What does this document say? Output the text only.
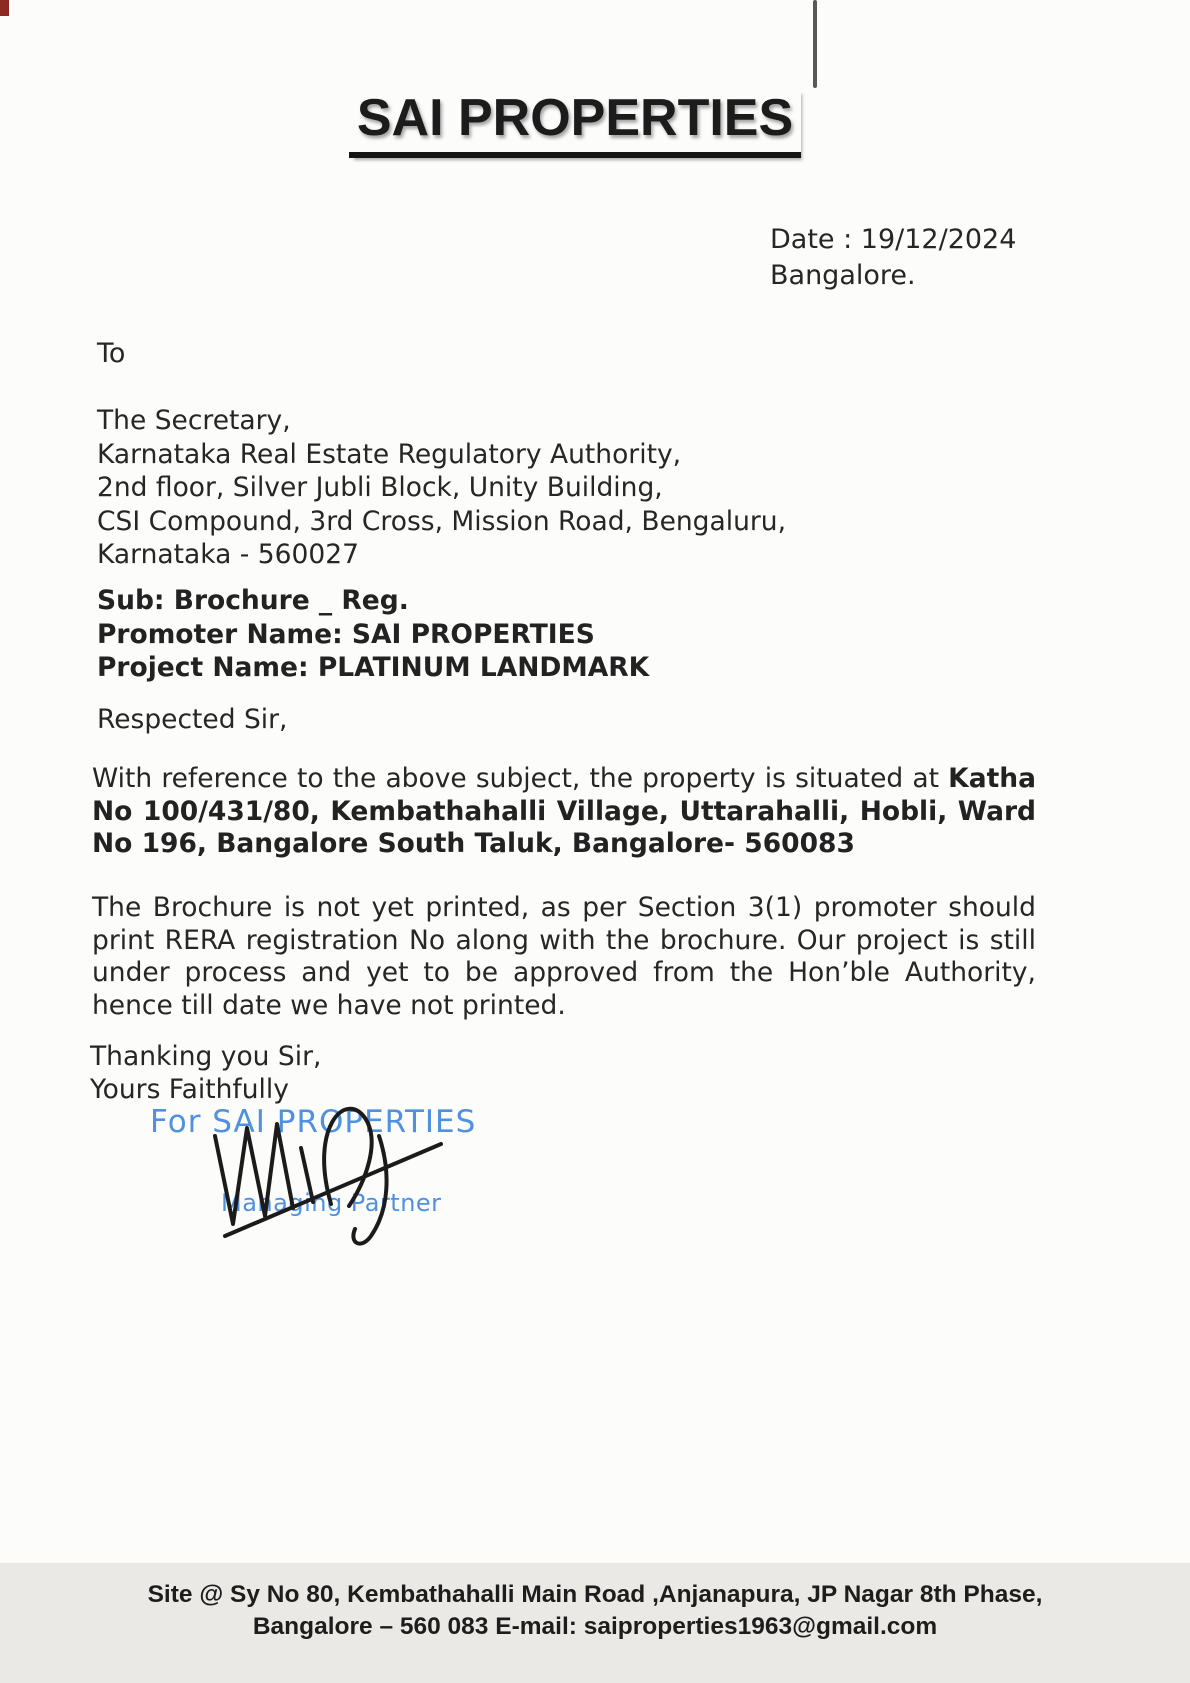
SAI PROPERTIES
Date : 19/12/2024
Bangalore.
To
The Secretary,
Karnataka Real Estate Regulatory Authority,
2nd floor, Silver Jubli Block, Unity Building,
CSI Compound, 3rd Cross, Mission Road, Bengaluru,
Karnataka - 560027
Sub: Brochure _ Reg.
Promoter Name: SAI PROPERTIES
Project Name: PLATINUM LANDMARK
Respected Sir,
With reference to the above subject, the property is situated at Katha No 100/431/80, Kembathahalli Village, Uttarahalli, Hobli, Ward No 196, Bangalore South Taluk, Bangalore- 560083
The Brochure is not yet printed, as per Section 3(1) promoter should print RERA registration No along with the brochure. Our project is still under process and yet to be approved from the Hon’ble Authority, hence till date we have not printed.
Thanking you Sir,
Yours Faithfully
For SAI PROPERTIES
Managing Partner
Site @ Sy No 80, Kembathahalli Main Road ,Anjanapura, JP Nagar 8th Phase,
Bangalore – 560 083 E-mail: saiproperties1963@gmail.com
